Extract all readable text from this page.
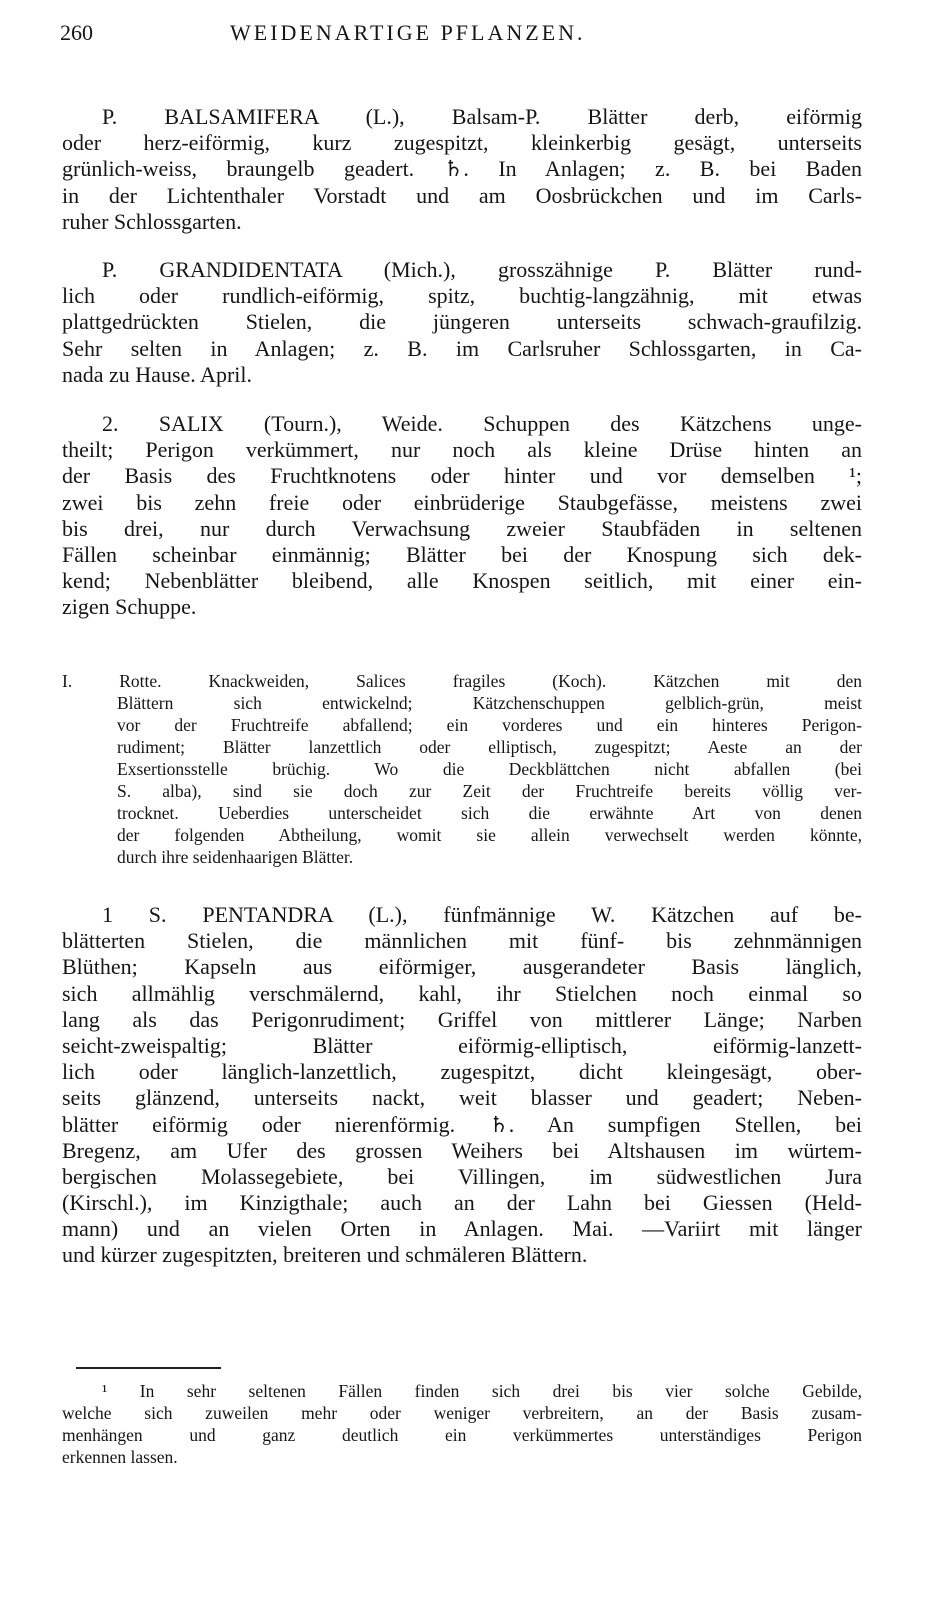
260	WEIDENARTIGE PFLANZEN.
P. BALSAMIFERA (L.), Balsam-P. Blätter derb, eiförmig
oder herz-eiförmig, kurz zugespitzt, kleinkerbig gesägt, unterseits
grünlich-weiss, braungelb geadert. ♄. In Anlagen; z. B. bei Baden
in der Lichtenthaler Vorstadt und am Oosbrückchen und im Carls-
ruher Schlossgarten.
P. GRANDIDENTATA (Mich.), grosszähnige P. Blätter rund-
lich oder rundlich-eiförmig, spitz, buchtig-langzähnig, mit etwas
plattgedrückten Stielen, die jüngeren unterseits schwach-graufilzig.
Sehr selten in Anlagen; z. B. im Carlsruher Schlossgarten, in Ca-
nada zu Hause. April.
2. SALIX (Tourn.), Weide. Schuppen des Kätzchens unge-
theilt; Perigon verkümmert, nur noch als kleine Drüse hinten an
der Basis des Fruchtknotens oder hinter und vor demselben ¹;
zwei bis zehn freie oder einbrüderige Staubgefässe, meistens zwei
bis drei, nur durch Verwachsung zweier Staubfäden in seltenen
Fällen scheinbar einmännig; Blätter bei der Knospung sich dek-
kend; Nebenblätter bleibend, alle Knospen seitlich, mit einer ein-
zigen Schuppe.
I. Rotte. Knackweiden, Salices fragiles (Koch). Kätzchen mit den
Blättern sich entwickelnd; Kätzchenschuppen gelblich-grün, meist
vor der Fruchtreife abfallend; ein vorderes und ein hinteres Perigon-
rudiment; Blätter lanzettlich oder elliptisch, zugespitzt; Aeste an der
Exsertionsstelle brüchig. Wo die Deckblättchen nicht abfallen (bei
S. alba), sind sie doch zur Zeit der Fruchtreife bereits völlig ver-
trocknet. Ueberdies unterscheidet sich die erwähnte Art von denen
der folgenden Abtheilung, womit sie allein verwechselt werden könnte,
durch ihre seidenhaarigen Blätter.
1 S. PENTANDRA (L.), fünfmännige W. Kätzchen auf be-
blätterten Stielen, die männlichen mit fünf- bis zehnmännigen
Blüthen; Kapseln aus eiförmiger, ausgerandeter Basis länglich,
sich allmählig verschmälernd, kahl, ihr Stielchen noch einmal so
lang als das Perigonrudiment; Griffel von mittlerer Länge; Narben
seicht-zweispaltig; Blätter eiförmig-elliptisch, eiförmig-lanzett-
lich oder länglich-lanzettlich, zugespitzt, dicht kleingesägt, ober-
seits glänzend, unterseits nackt, weit blasser und geadert; Neben-
blätter eiförmig oder nierenförmig. ♄. An sumpfigen Stellen, bei
Bregenz, am Ufer des grossen Weihers bei Altshausen im würtem-
bergischen Molassegebiete, bei Villingen, im südwestlichen Jura
(Kirschl.), im Kinzigthale; auch an der Lahn bei Giessen (Held-
mann) und an vielen Orten in Anlagen. Mai. —Variirt mit länger
und kürzer zugespitzten, breiteren und schmäleren Blättern.
¹ In sehr seltenen Fällen finden sich drei bis vier solche Gebilde,
welche sich zuweilen mehr oder weniger verbreitern, an der Basis zusam-
menhängen und ganz deutlich ein verkümmertes unterständiges Perigon
erkennen lassen.
